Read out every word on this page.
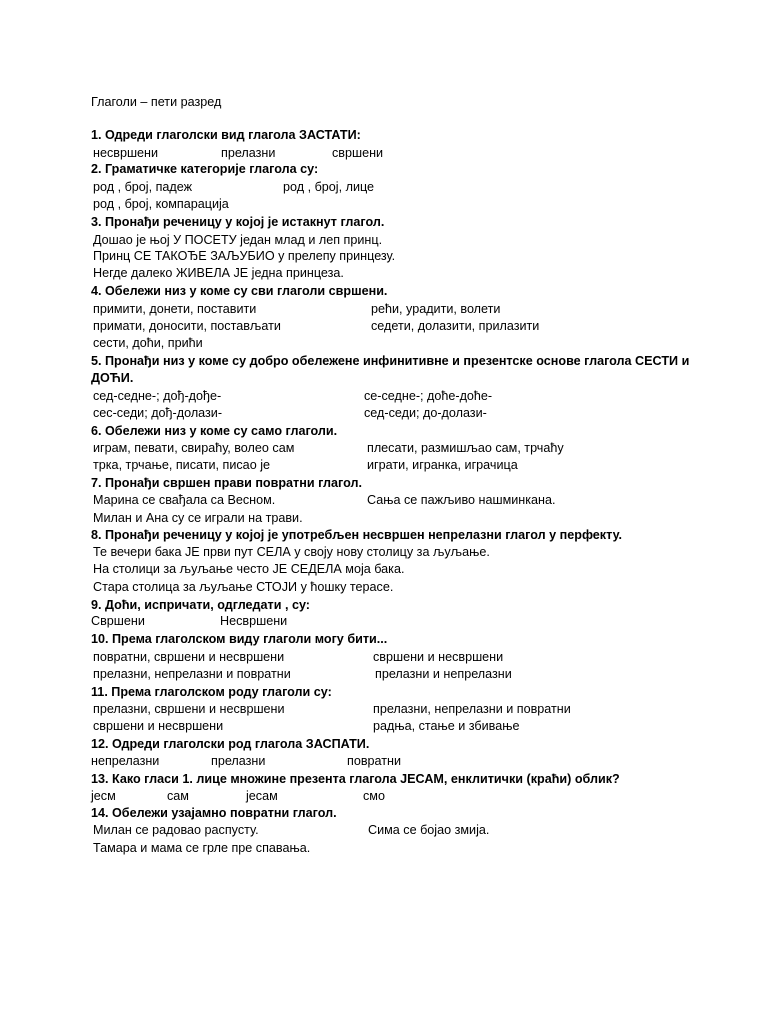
Глаголи – пети разред
1. Одреди глаголски вид глагола ЗАСТАТИ:
несвршени	прелазни	свршени
2. Граматичке категорије глагола су:
род , број, падеж	род , број, лице
род , број, компарација
3. Пронађи реченицу у којој је истакнут глагол.
Дошао је њој У ПОСЕТУ један млад и леп принц.
Принц СЕ ТАКОЂЕ ЗАЉУБИО у прелепу принцезу.
Негде далеко ЖИВЕЛА ЈЕ једна принцеза.
4. Обележи низ у коме су сви глаголи свршени.
примити, донети, поставити	рећи, урадити, волети
примати, доносити, постављати	седети, долазити, прилазити
сести, доћи, прићи
5. Пронађи низ у коме су добро обележене инфинитивне и презентске основе глагола СЕСТИ и
ДОЋИ.
сед-седне-; дођ-дође-	се-седне-; доће-доће-
сес-седи; дођ-долази-	сед-седи; до-долази-
6. Обележи низ у коме су само глаголи.
играм, певати, свираћу, волео сам	плесати, размишљао сам, трчаћу
трка, трчање, писати, писао је	играти, игранка, играчица
7. Пронађи свршен прави повратни глагол.
Марина се свађала са Весном.	Сања се пажљиво нашминкана.
Милан и Ана су се играли на трави.
8. Пронађи реченицу у којој је употребљен несвршен непрелазни глагол у перфекту.
Те вечери бака ЈЕ први пут СЕЛА у своју нову столицу за љуљање.
На столици за љуљање често ЈЕ СЕДЕЛА моја бака.
Стара столица за љуљање СТОЈИ у ћошку терасе.
9. Доћи, испричати, одгледати , су:
Свршени	Несвршени
10. Према глаголском виду глаголи могу бити...
повратни, свршени и несвршени	свршени и несвршени
прелазни, непрелазни и повратни	прелазни и непрелазни
11. Према глаголском роду глаголи су:
прелазни, свршени и несвршени	прелазни, непрелазни и повратни
свршени и несвршени	радња, стање и збивање
12. Одреди глаголски род глагола ЗАСПАТИ.
непрелазни	прелазни	повратни
13. Како гласи 1. лице множине презента глагола ЈЕСАМ, енклитички (краћи) облик?
јесм	сам	јесам	смо
14. Обележи узајамно повратни глагол.
Милан се радовао распусту.	Сима се бојао змија.
Тамара и мама се грле пре спавања.
